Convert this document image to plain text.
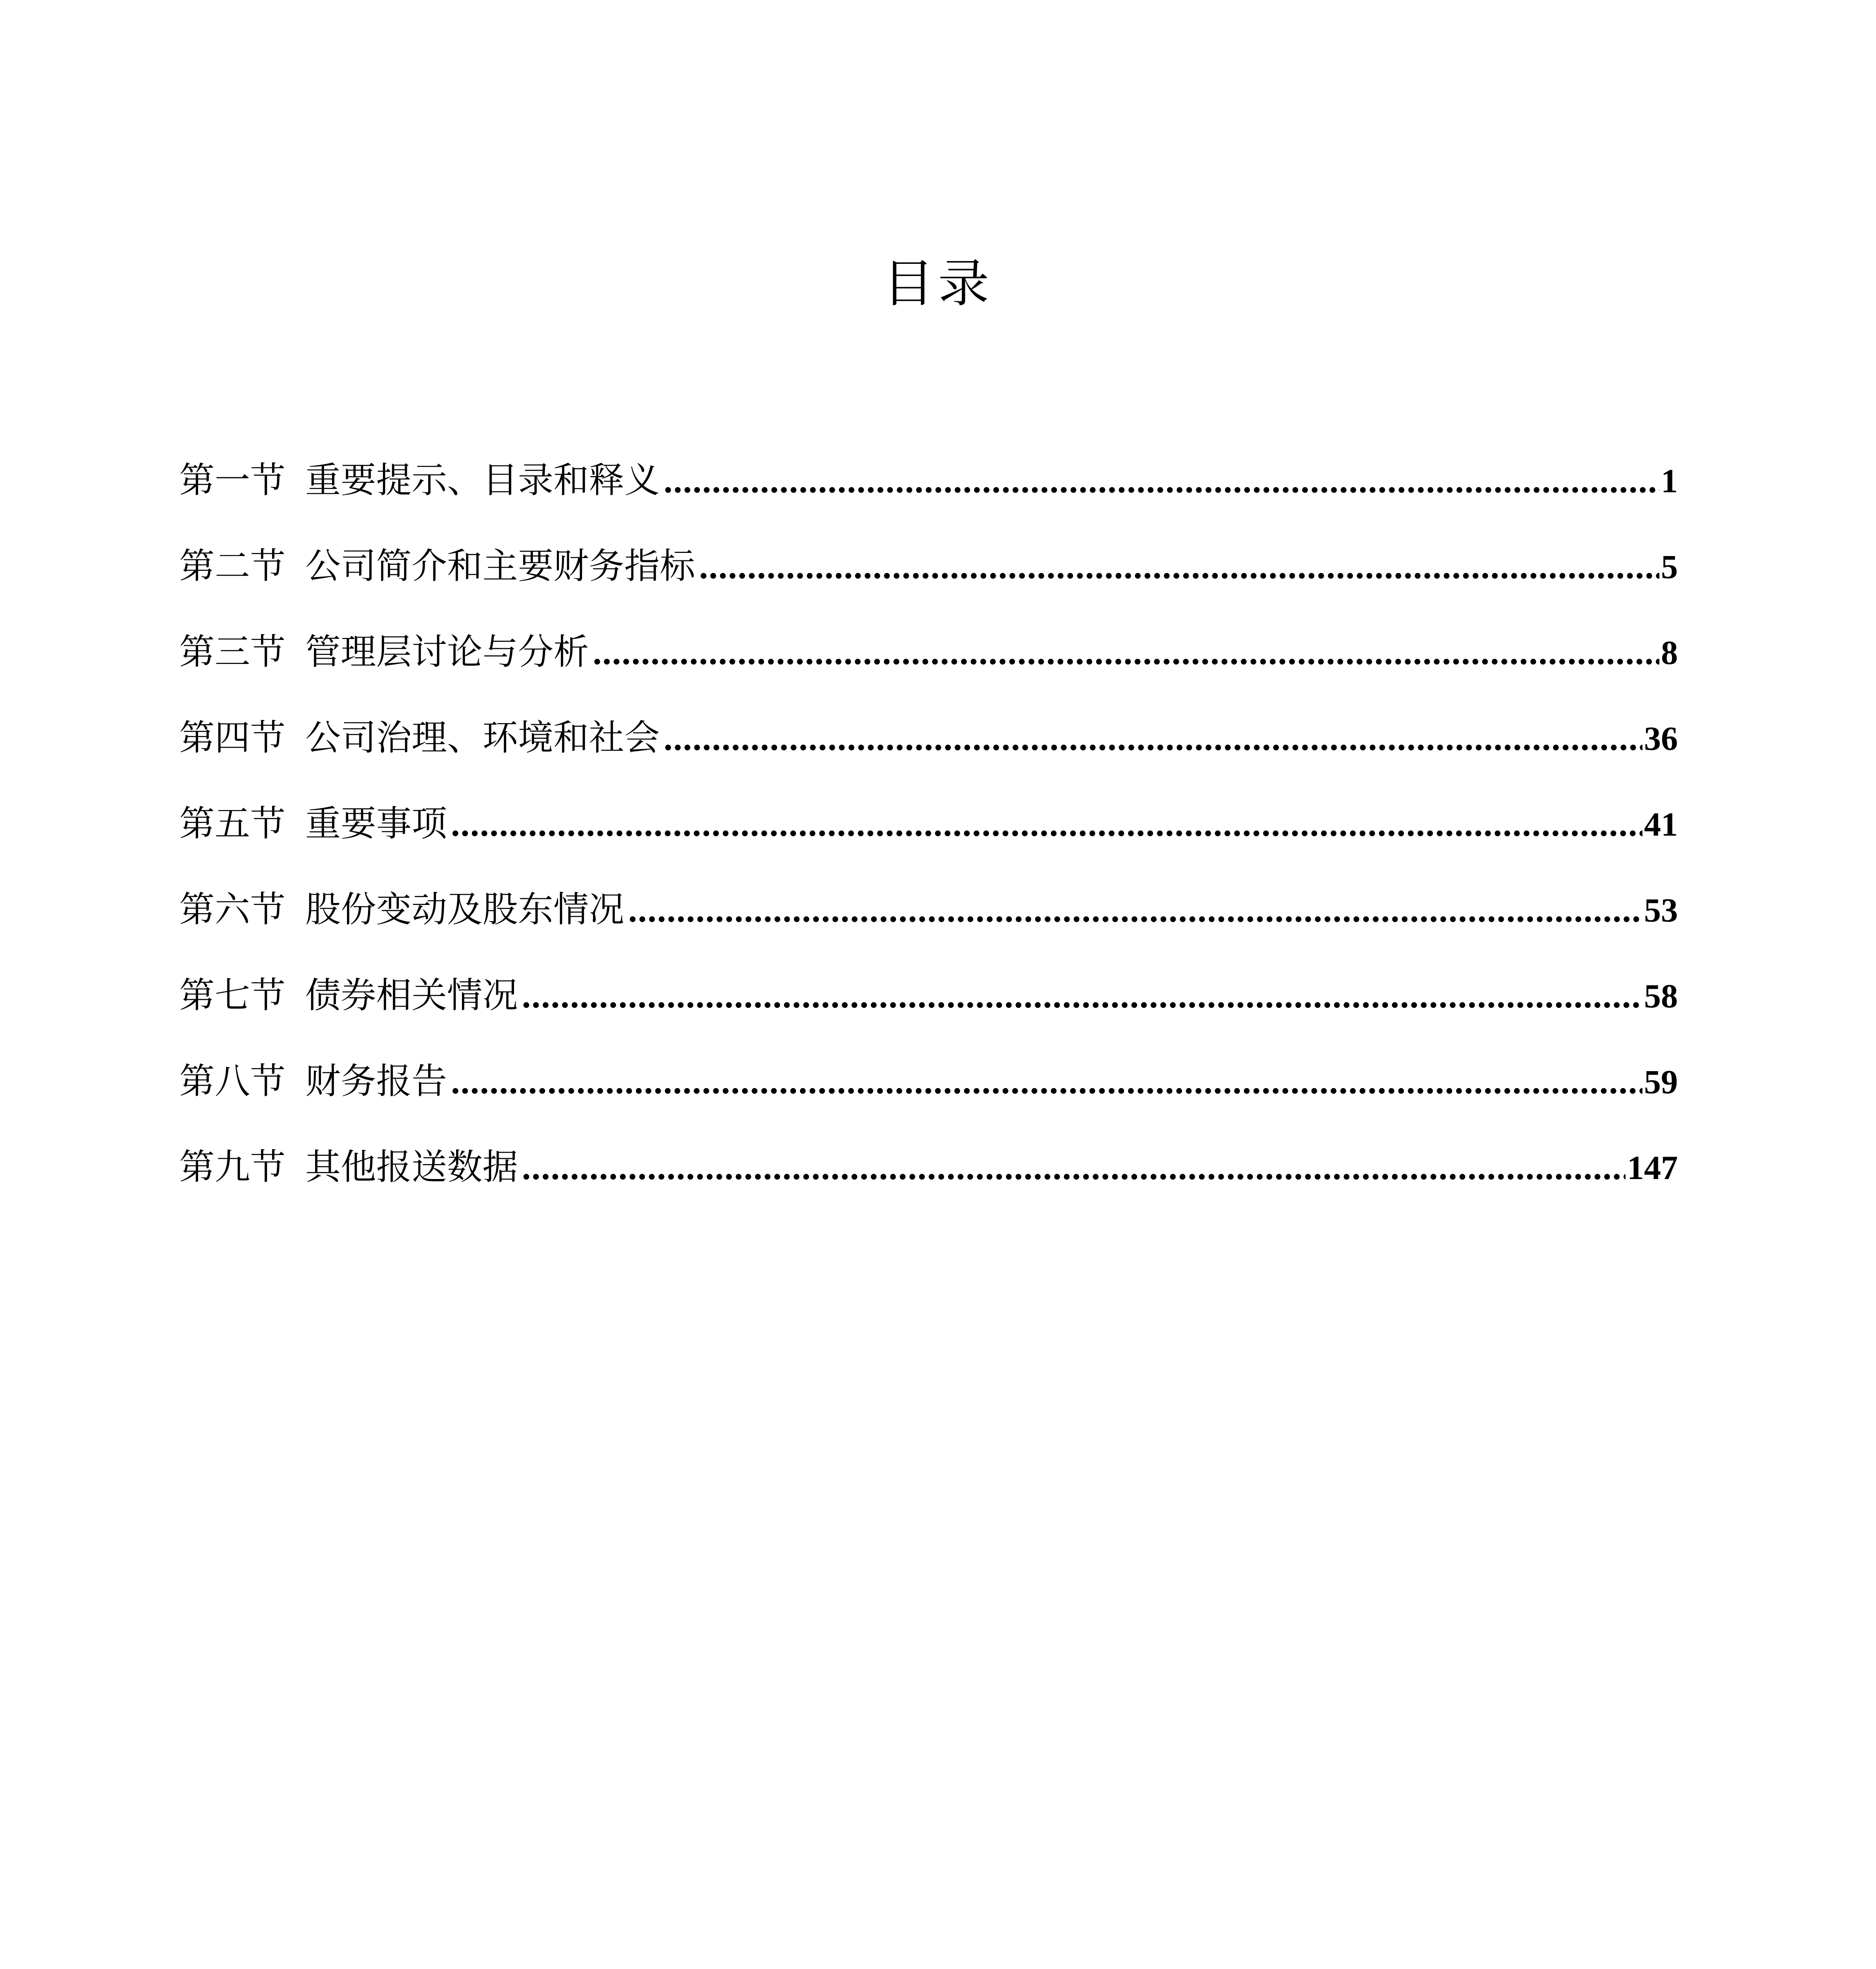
目录
第一节 重要提示、目录和释义 .....	1
第二节 公司简介和主要财务指标 .....	5
第三节 管理层讨论与分析 .....	8
第四节 公司治理、环境和社会 .....	36
第五节 重要事项 .....	41
第六节 股份变动及股东情况 .....	53
第七节 债券相关情况 .....	58
第八节 财务报告 .....	59
第九节 其他报送数据 .....	147
